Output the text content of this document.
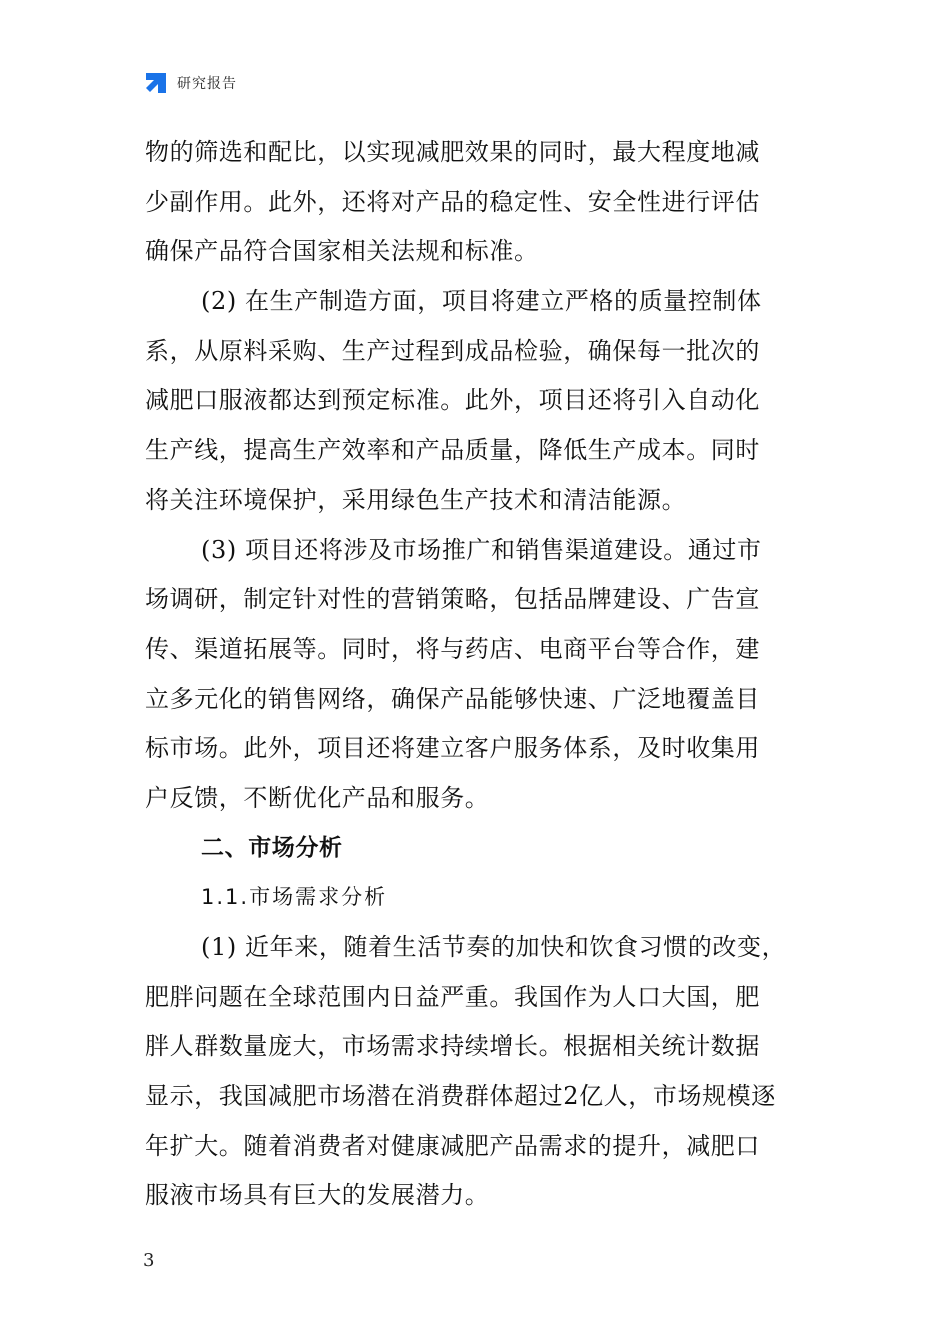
研究报告
物的筛选和配比，以实现减肥效果的同时，最大程度地减
少副作用。此外，还将对产品的稳定性、安全性进行评估
确保产品符合国家相关法规和标准。
(2) 在生产制造方面，项目将建立严格的质量控制体
系，从原料采购、生产过程到成品检验，确保每一批次的
减肥口服液都达到预定标准。此外，项目还将引入自动化
生产线，提高生产效率和产品质量，降低生产成本。同时
将关注环境保护，采用绿色生产技术和清洁能源。
(3) 项目还将涉及市场推广和销售渠道建设。通过市
场调研，制定针对性的营销策略，包括品牌建设、广告宣
传、渠道拓展等。同时，将与药店、电商平台等合作，建
立多元化的销售网络，确保产品能够快速、广泛地覆盖目
标市场。此外，项目还将建立客户服务体系，及时收集用
户反馈，不断优化产品和服务。
二、市场分析
1.1.市场需求分析
(1) 近年来，随着生活节奏的加快和饮食习惯的改变，
肥胖问题在全球范围内日益严重。我国作为人口大国，肥
胖人群数量庞大，市场需求持续增长。根据相关统计数据
显示，我国减肥市场潜在消费群体超过2亿人，市场规模逐
年扩大。随着消费者对健康减肥产品需求的提升，减肥口
服液市场具有巨大的发展潜力。
3
